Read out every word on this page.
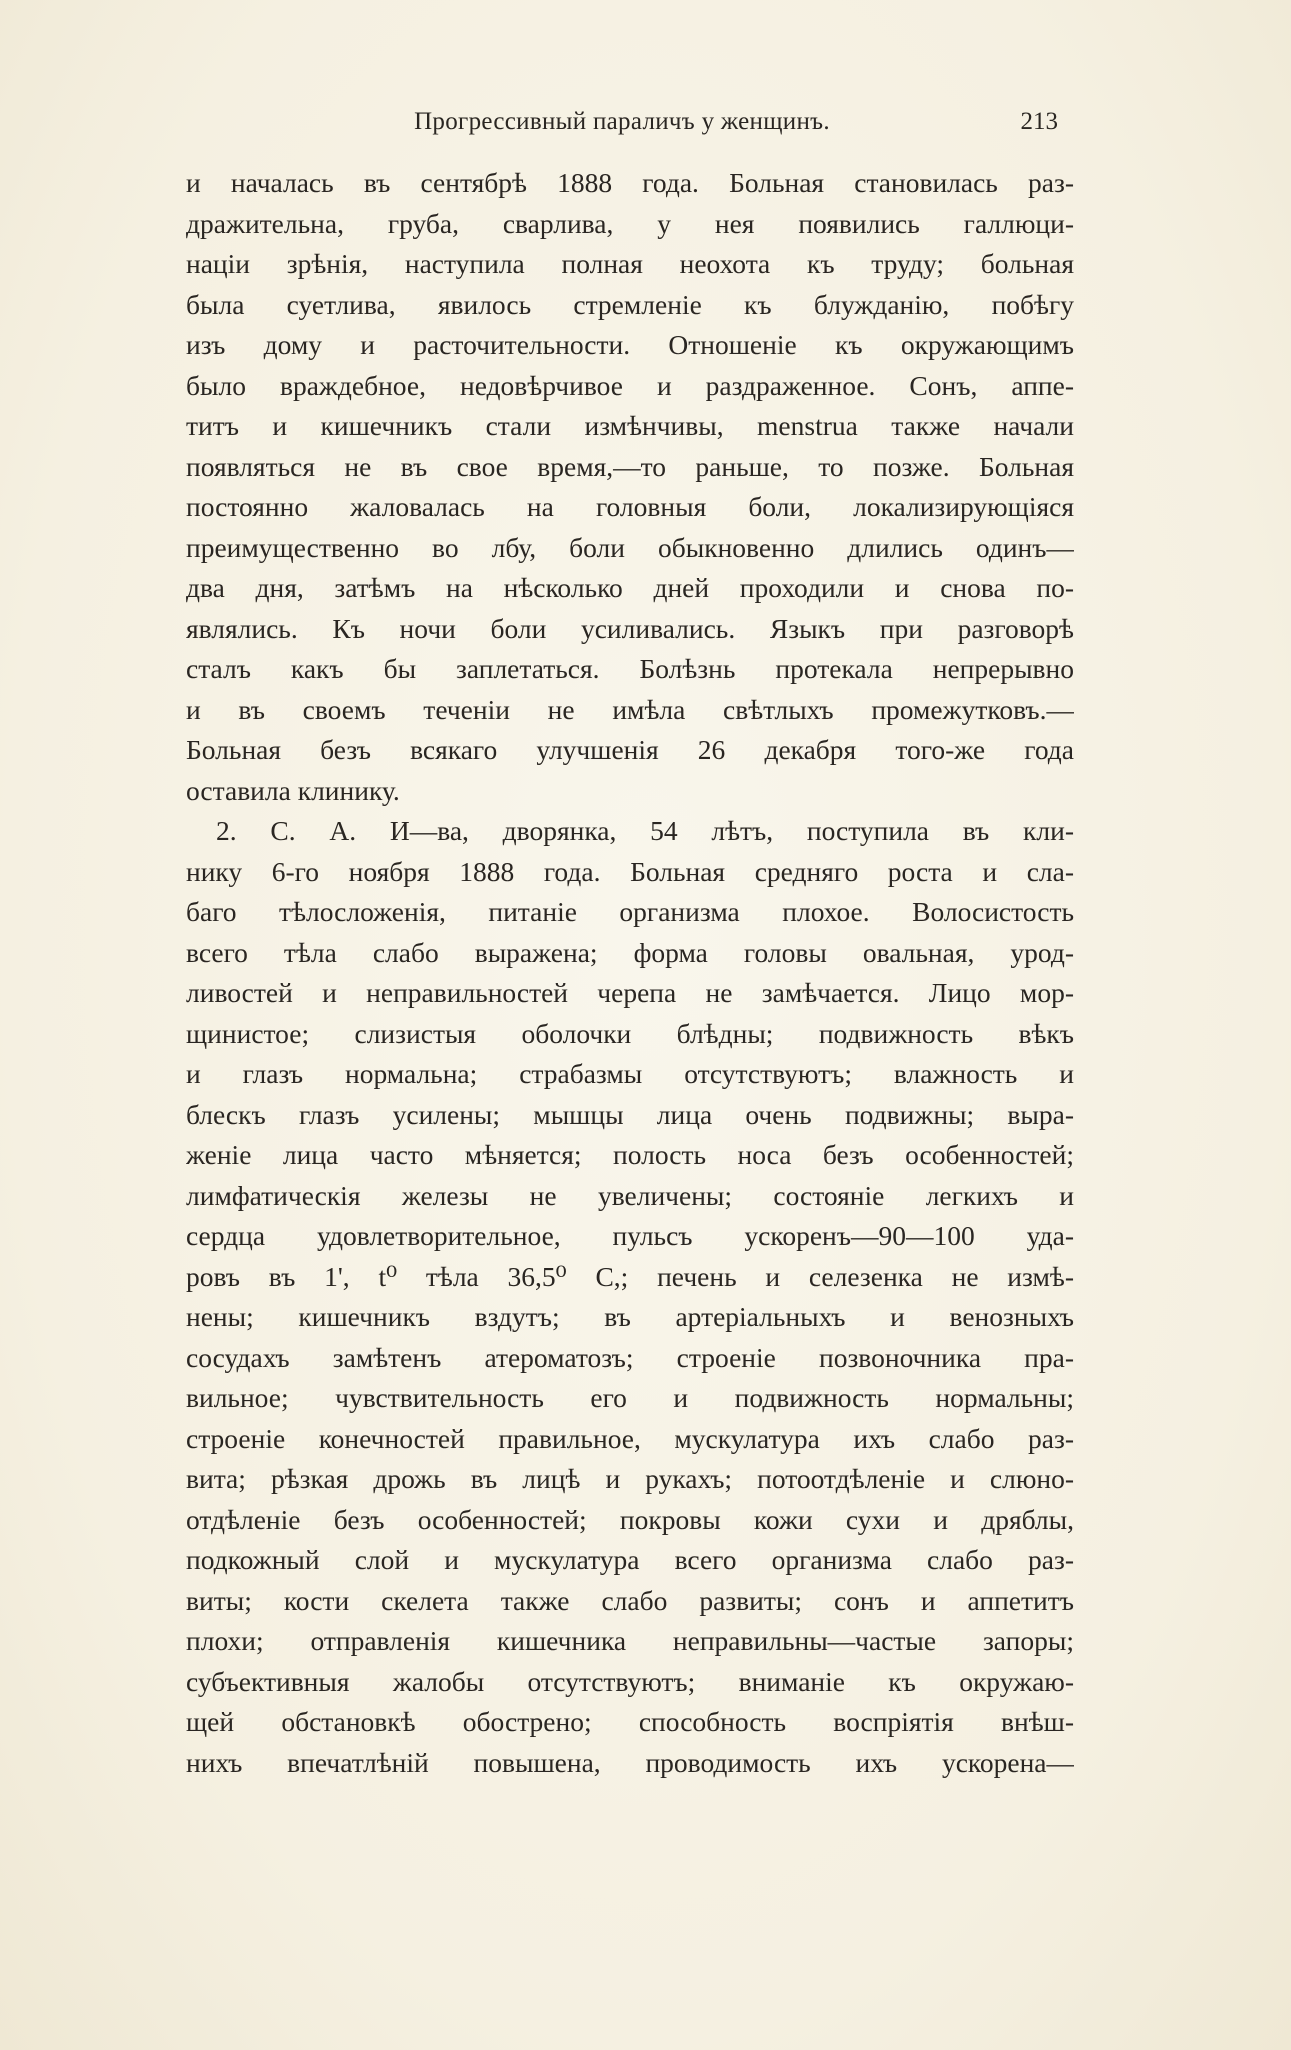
Прогрессивный параличъ у женщинъ.	213
и началась въ сентябрѣ 1888 года. Больная становилась раз-
дражительна, груба, сварлива, у нея появились галлюци-
націи зрѣнія, наступила полная неохота къ труду; больная
была суетлива, явилось стремленіе къ блужданію, побѣгу
изъ дому и расточительности. Отношеніе къ окружающимъ
было враждебное, недовѣрчивое и раздраженное. Сонъ, аппе-
титъ и кишечникъ стали измѣнчивы, menstrua также начали
появляться не въ свое время,—то раньше, то позже. Больная
постоянно жаловалась на головныя боли, локализирующіяся
преимущественно во лбу, боли обыкновенно длились одинъ—
два дня, затѣмъ на нѣсколько дней проходили и снова по-
являлись. Къ ночи боли усиливались. Языкъ при разговорѣ
сталъ какъ бы заплетаться. Болѣзнь протекала непрерывно
и въ своемъ теченіи не имѣла свѣтлыхъ промежутковъ.—
Больная безъ всякаго улучшенія 26 декабря того-же года
оставила клинику.
2. С. А. И—ва, дворянка, 54 лѣтъ, поступила въ кли-
нику 6-го ноября 1888 года. Больная средняго роста и сла-
баго тѣлосложенія, питаніе организма плохое. Волосистость
всего тѣла слабо выражена; форма головы овальная, урод-
ливостей и неправильностей черепа не замѣчается. Лицо мор-
щинистое; слизистыя оболочки блѣдны; подвижность вѣкъ
и глазъ нормальна; страбазмы отсутствуютъ; влажность и
блескъ глазъ усилены; мышцы лица очень подвижны; выра-
женіе лица часто мѣняется; полость носа безъ особенностей;
лимфатическія железы не увеличены; состояніе легкихъ и
сердца удовлетворительное, пульсъ ускоренъ—90—100 уда-
ровъ въ 1', t⁰ тѣла 36,5⁰ C,; печень и селезенка не измѣ-
нены; кишечникъ вздутъ; въ артеріальныхъ и венозныхъ
сосудахъ замѣтенъ атероматозъ; строеніе позвоночника пра-
вильное; чувствительность его и подвижность нормальны;
строеніе конечностей правильное, мускулатура ихъ слабо раз-
вита; рѣзкая дрожь въ лицѣ и рукахъ; потоотдѣленіе и слюно-
отдѣленіе безъ особенностей; покровы кожи сухи и дряблы,
подкожный слой и мускулатура всего организма слабо раз-
виты; кости скелета также слабо развиты; сонъ и аппетитъ
плохи; отправленія кишечника неправильны—частые запоры;
субъективныя жалобы отсутствуютъ; вниманіе къ окружаю-
щей обстановкѣ обострено; способность воспріятія внѣш-
нихъ впечатлѣній повышена, проводимость ихъ ускорена—
